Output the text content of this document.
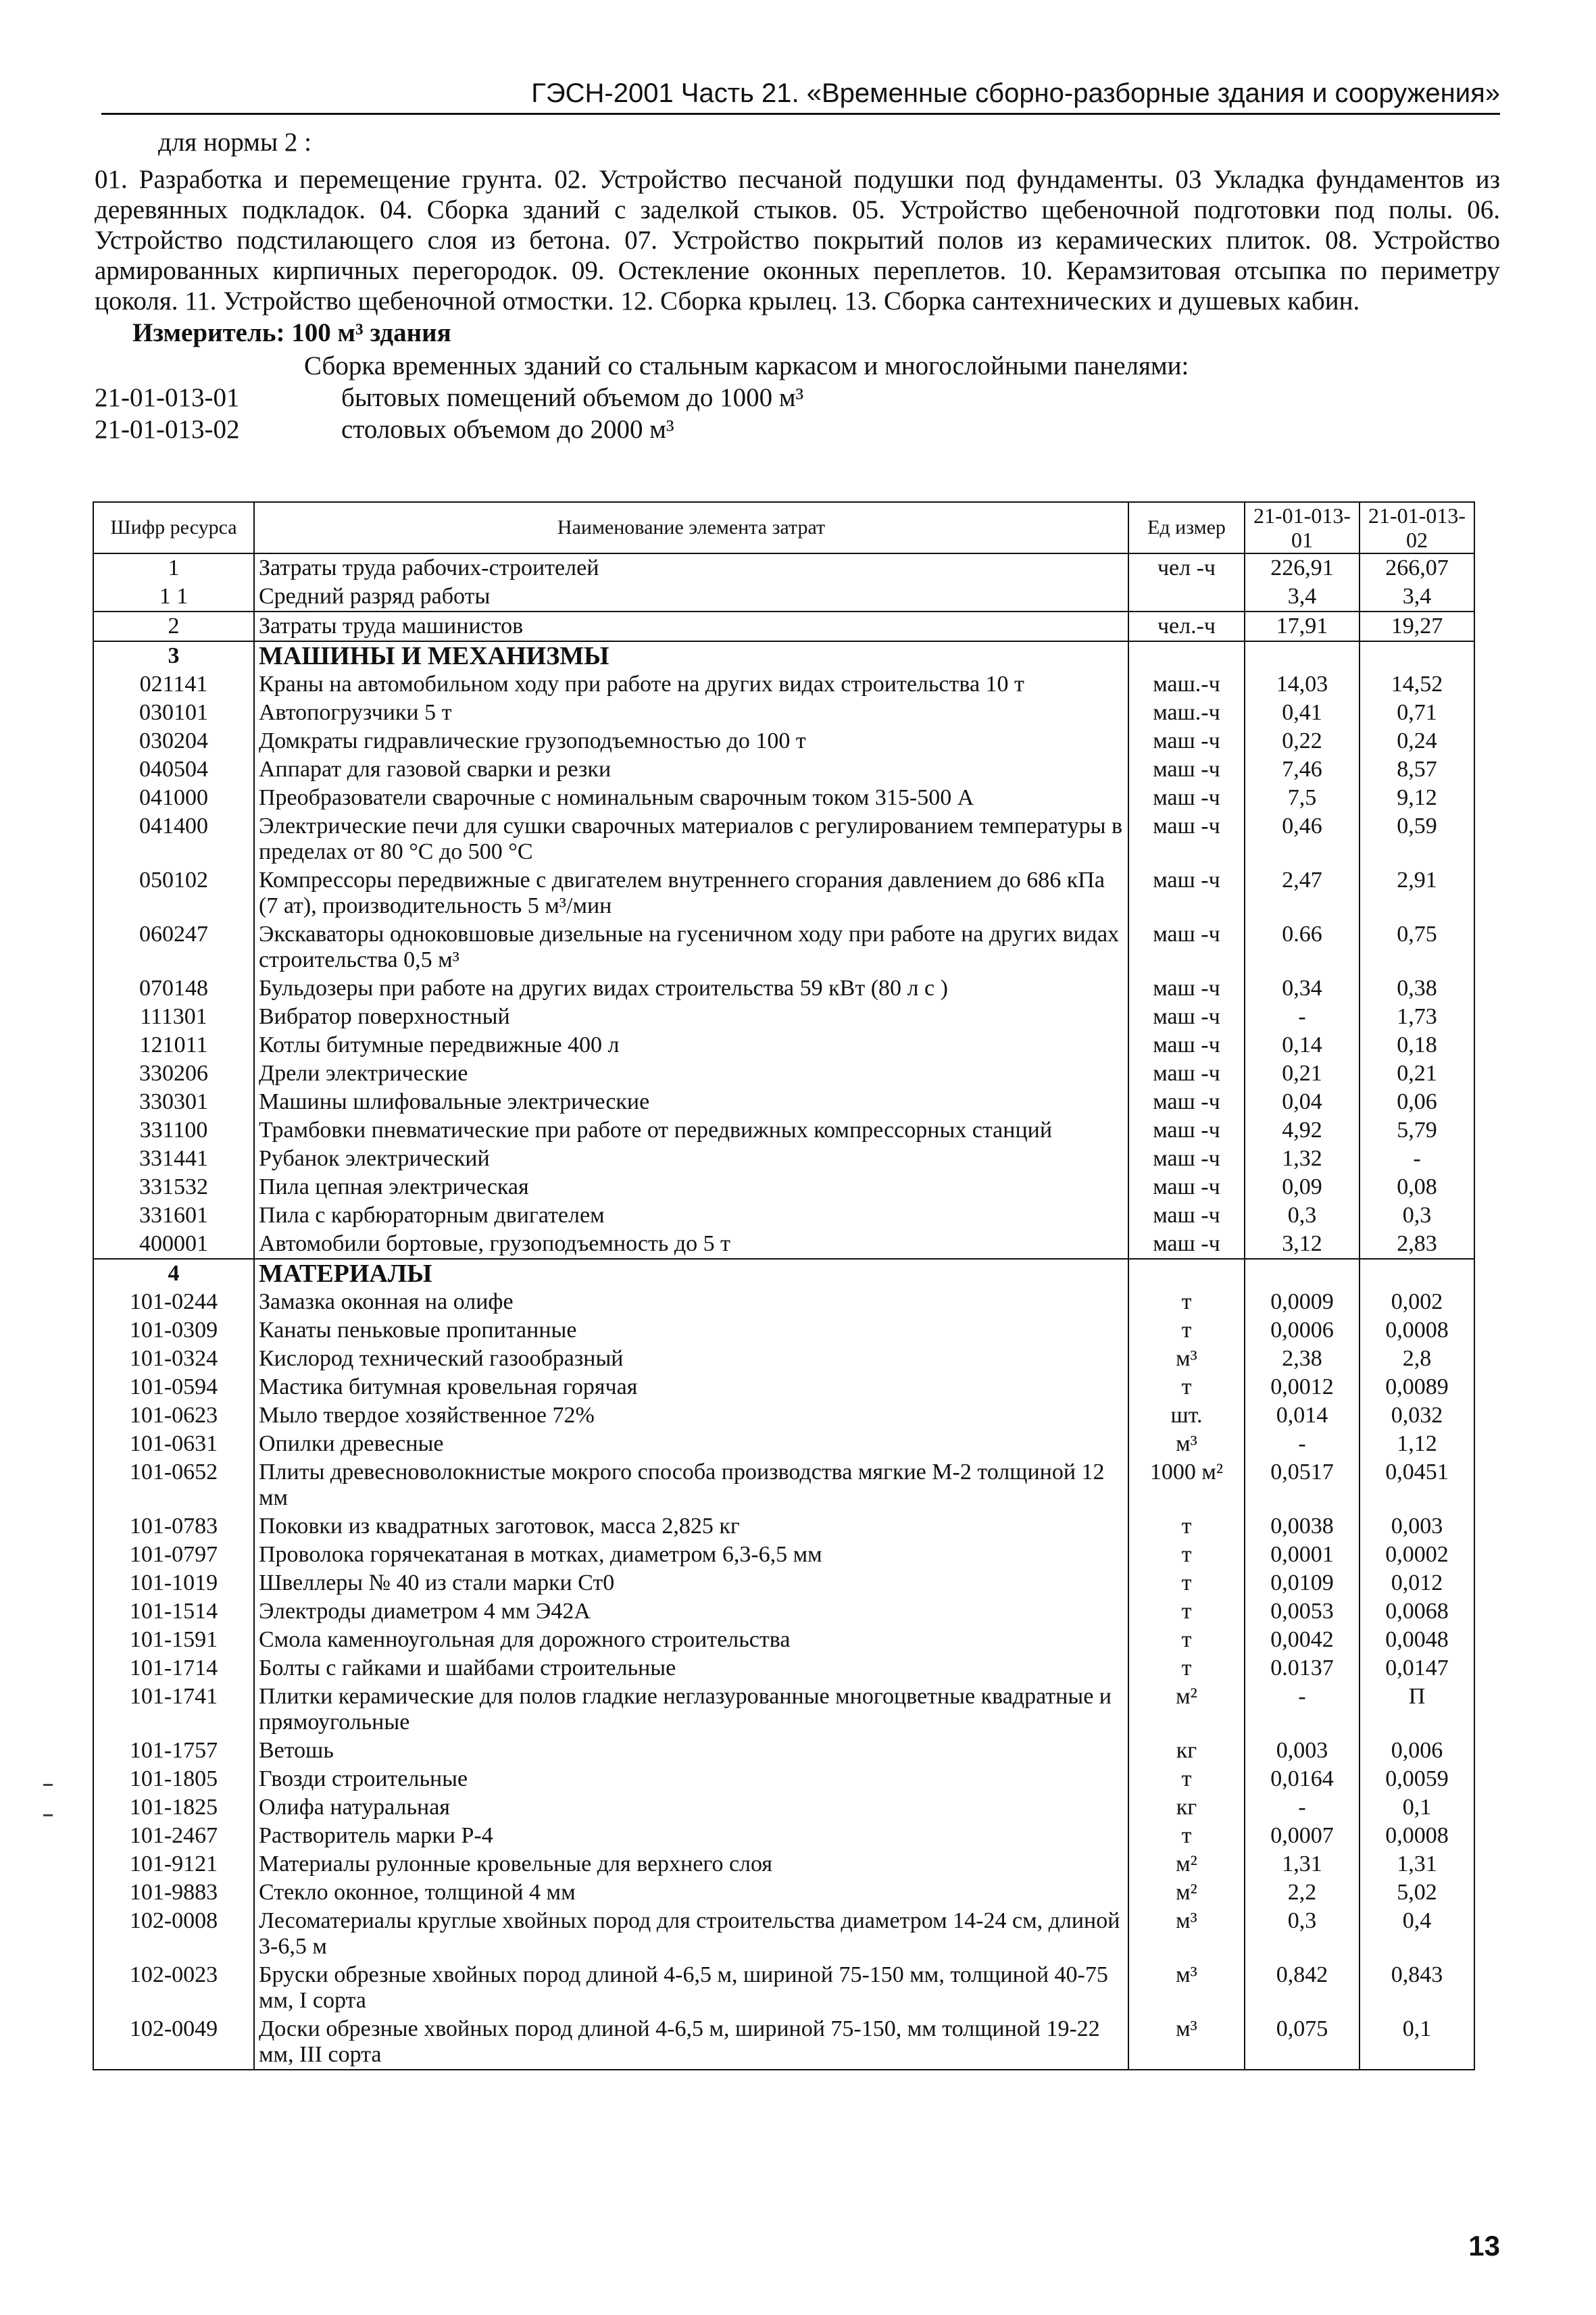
ГЭСН-2001 Часть 21. «Временные сборно-разборные здания и сооружения»
для нормы 2 :

01. Разработка и перемещение грунта. 02. Устройство песчаной подушки под фундаменты. 03 Укладка фундаментов из деревянных подкладок. 04. Сборка зданий с заделкой стыков. 05. Устройство щебеночной подготовки под полы. 06. Устройство подстилающего слоя из бетона. 07. Устройство покрытий полов из керамических плиток. 08. Устройство армированных кирпичных перегородок. 09. Остекление оконных переплетов. 10. Керамзитовая отсыпка по периметру цоколя. 11. Устройство щебеночной отмостки. 12. Сборка крылец. 13. Сборка сантехнических и душевых кабин.

Измеритель: 100 м³ здания
Сборка временных зданий со стальным каркасом и многослойными панелями:
21-01-013-01	бытовых помещений объемом до 1000 м³
21-01-013-02	столовых объемом до 2000 м³
Шифр ресурса	Наименование элемента затрат	Ед измер	21-01-013-01	21-01-013-02
1	Затраты труда рабочих-строителей	чел -ч	226,91	266,07
1 1	Средний разряд работы		3,4	3,4
2	Затраты труда машинистов	чел.-ч	17,91	19,27
3	МАШИНЫ И МЕХАНИЗМЫ			
021141	Краны на автомобильном ходу при работе на других видах строительства 10 т	маш.-ч	14,03	14,52
030101	Автопогрузчики 5 т	маш.-ч	0,41	0,71
030204	Домкраты гидравлические грузоподъемностью до 100 т	маш -ч	0,22	0,24
040504	Аппарат для газовой сварки и резки	маш -ч	7,46	8,57
041000	Преобразователи сварочные с номинальным сварочным током 315-500 А	маш -ч	7,5	9,12
041400	Электрические печи для сушки сварочных материалов с регулированием температуры в пределах от 80 °С до 500 °С	маш -ч	0,46	0,59
050102	Компрессоры передвижные с двигателем внутреннего сгорания давлением до 686 кПа (7 ат), производительность 5 м³/мин	маш -ч	2,47	2,91
060247	Экскаваторы одноковшовые дизельные на гусеничном ходу при работе на других видах строительства 0,5 м³	маш -ч	0.66	0,75
070148	Бульдозеры при работе на других видах строительства 59 кВт (80 л с )	маш -ч	0,34	0,38
111301	Вибратор поверхностный	маш -ч	-	1,73
121011	Котлы битумные передвижные 400 л	маш -ч	0,14	0,18
330206	Дрели электрические	маш -ч	0,21	0,21
330301	Машины шлифовальные электрические	маш -ч	0,04	0,06
331100	Трамбовки пневматические при работе от передвижных компрессорных станций	маш -ч	4,92	5,79
331441	Рубанок электрический	маш -ч	1,32	-
331532	Пила цепная электрическая	маш -ч	0,09	0,08
331601	Пила с карбюраторным двигателем	маш -ч	0,3	0,3
400001	Автомобили бортовые, грузоподъемность до 5 т	маш -ч	3,12	2,83
4	МАТЕРИАЛЫ			
101-0244	Замазка оконная на олифе	т	0,0009	0,002
101-0309	Канаты пеньковые пропитанные	т	0,0006	0,0008
101-0324	Кислород технический газообразный	м³	2,38	2,8
101-0594	Мастика битумная кровельная горячая	т	0,0012	0,0089
101-0623	Мыло твердое хозяйственное 72%	шт.	0,014	0,032
101-0631	Опилки древесные	м³	-	1,12
101-0652	Плиты древесноволокнистые мокрого способа производства мягкие М-2 толщиной 12 мм	1000 м²	0,0517	0,0451
101-0783	Поковки из квадратных заготовок, масса 2,825 кг	т	0,0038	0,003
101-0797	Проволока горячекатаная в мотках, диаметром 6,3-6,5 мм	т	0,0001	0,0002
101-1019	Швеллеры № 40 из стали марки Ст0	т	0,0109	0,012
101-1514	Электроды диаметром 4 мм Э42А	т	0,0053	0,0068
101-1591	Смола каменноугольная для дорожного строительства	т	0,0042	0,0048
101-1714	Болты с гайками и шайбами строительные	т	0.0137	0,0147
101-1741	Плитки керамические для полов гладкие неглазурованные многоцветные квадратные и прямоугольные	м²	-	П
101-1757	Ветошь	кг	0,003	0,006
101-1805	Гвозди строительные	т	0,0164	0,0059
101-1825	Олифа натуральная	кг	-	0,1
101-2467	Растворитель марки Р-4	т	0,0007	0,0008
101-9121	Материалы рулонные кровельные для верхнего слоя	м²	1,31	1,31
101-9883	Стекло оконное, толщиной 4 мм	м²	2,2	5,02
102-0008	Лесоматериалы круглые хвойных пород для строительства диаметром 14-24 см, длиной 3-6,5 м	м³	0,3	0,4
102-0023	Бруски обрезные хвойных пород длиной 4-6,5 м, шириной 75-150 мм, толщиной 40-75 мм, I сорта	м³	0,842	0,843
102-0049	Доски обрезные хвойных пород длиной 4-6,5 м, шириной 75-150, мм толщиной 19-22 мм, III сорта	м³	0,075	0,1
13
